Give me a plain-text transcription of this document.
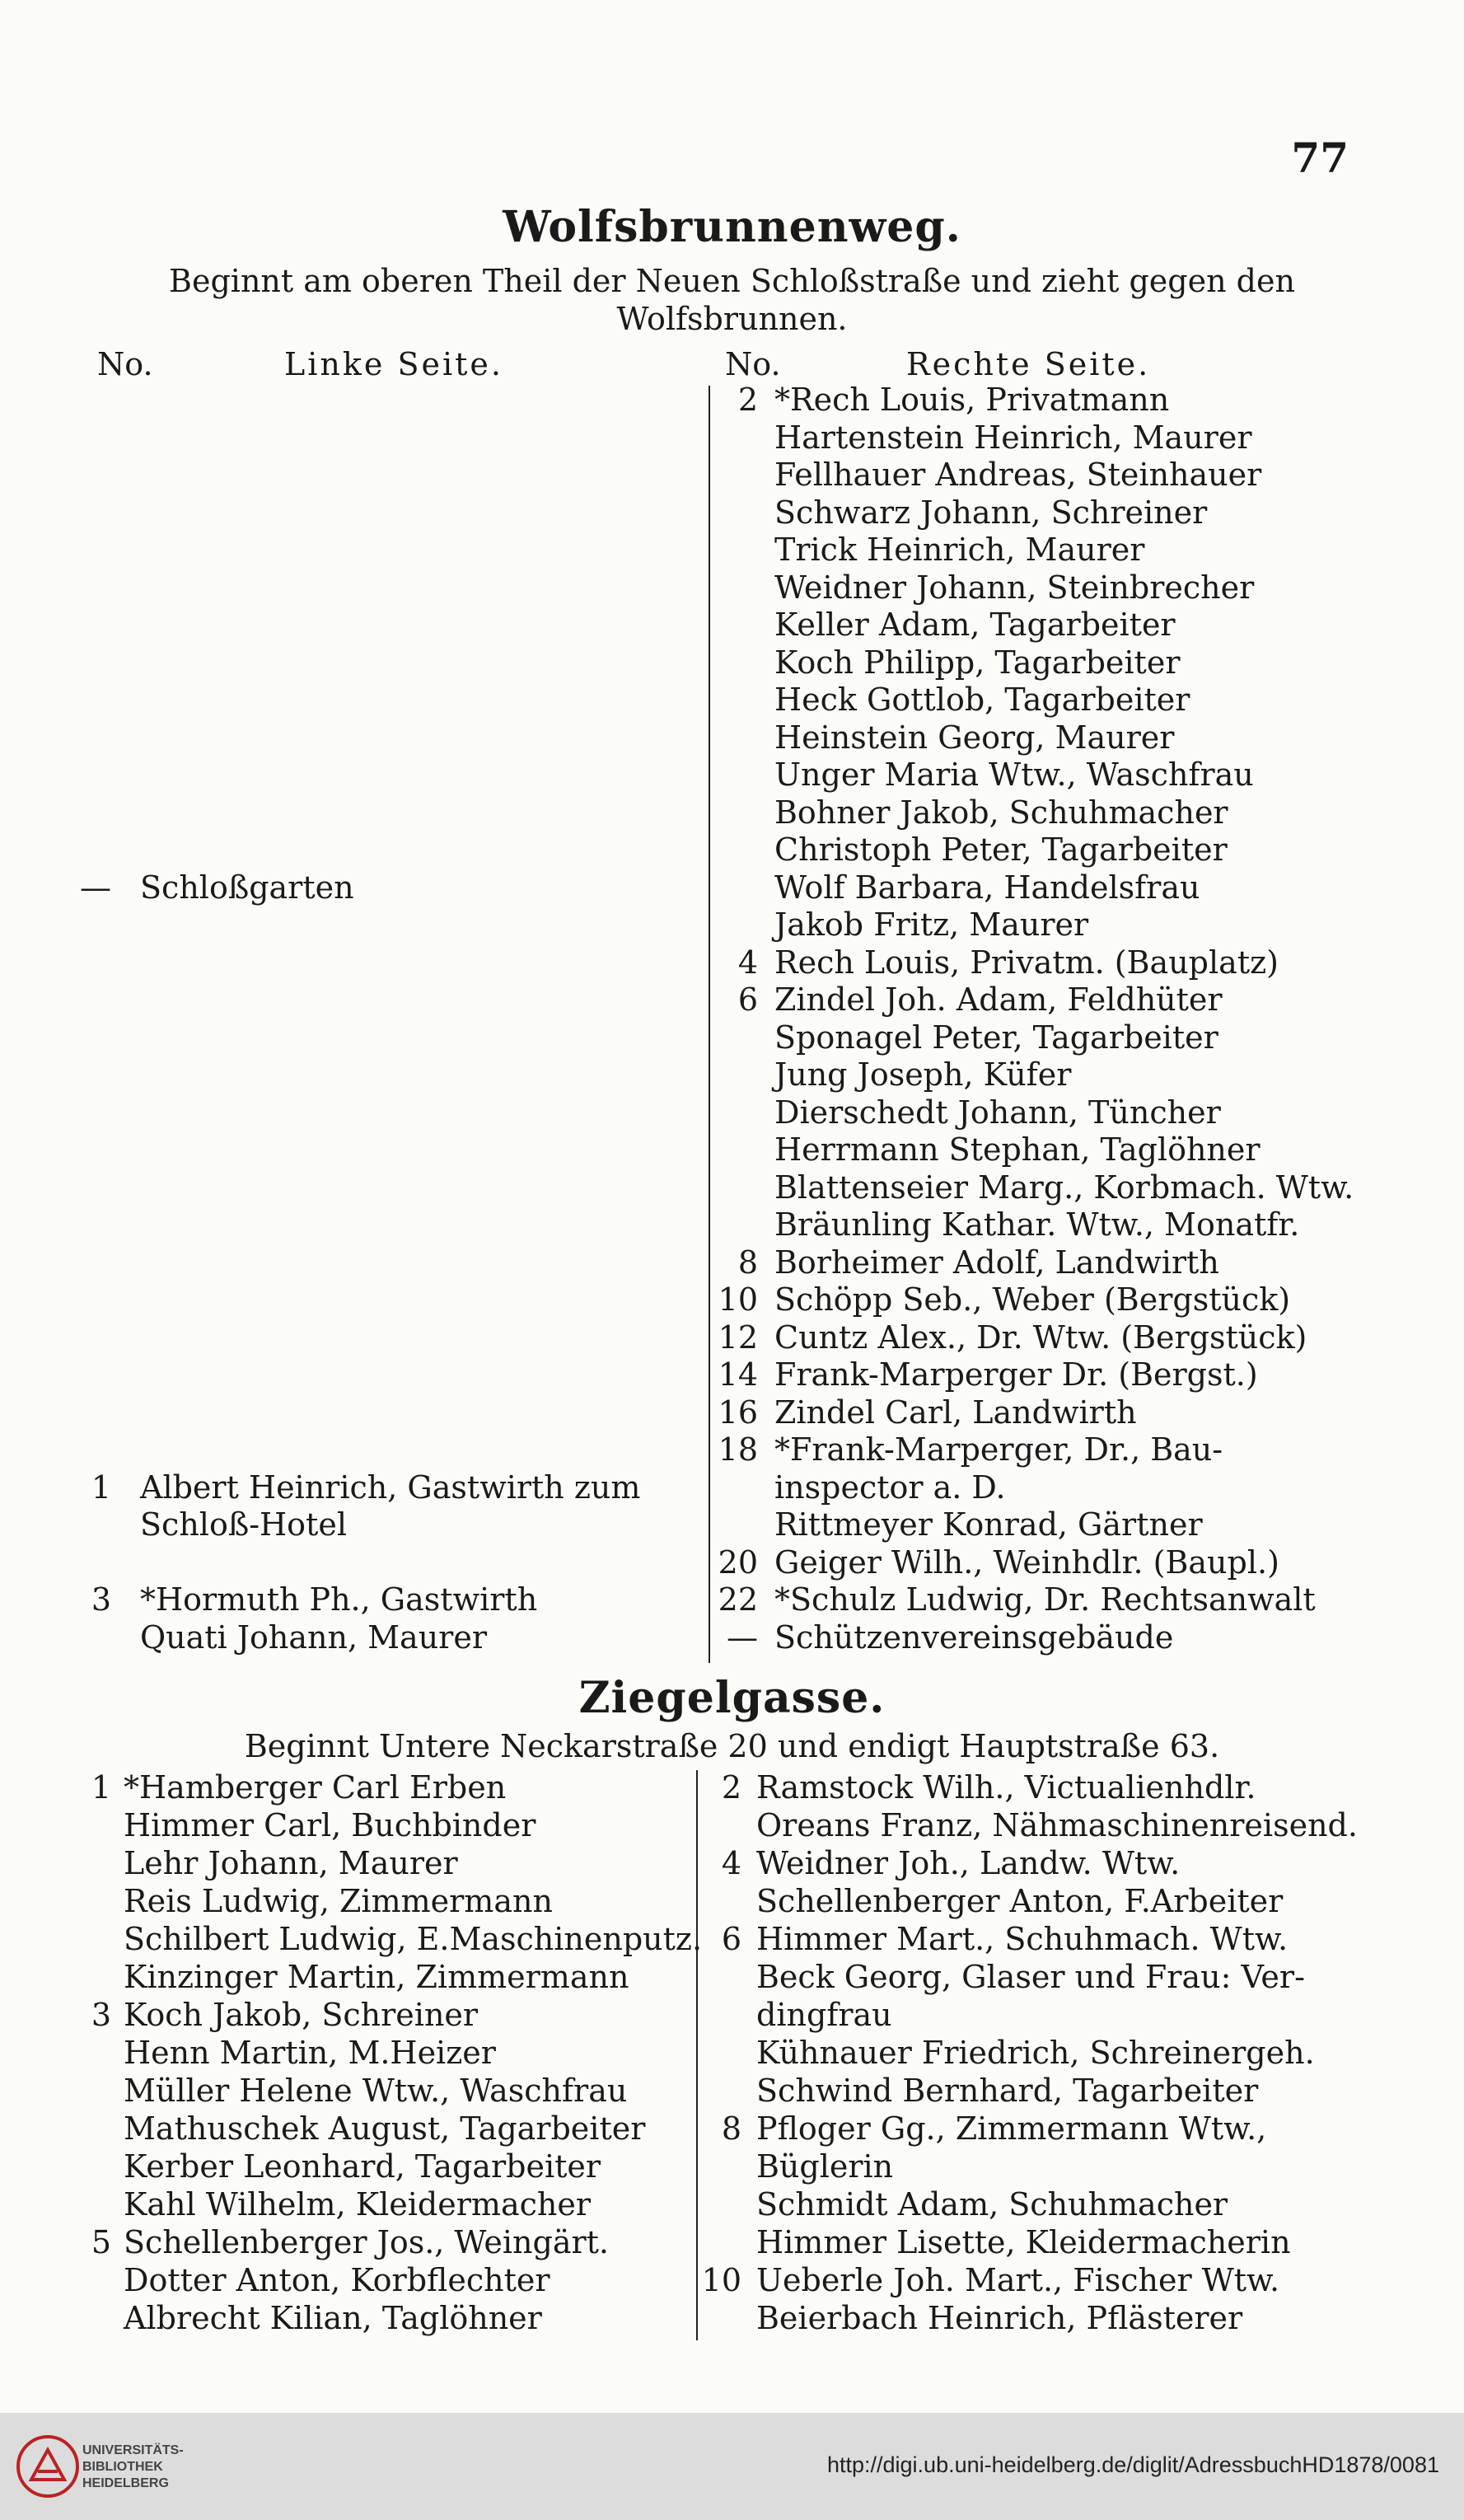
77
Wolfsbrunnenweg.
Beginnt am oberen Theil der Neuen Schloßstraße und zieht gegen den
Wolfsbrunnen.
No.	Linke Seite.	No.	Rechte Seite.
— Schloßgarten
1 Albert Heinrich, Gastwirth zum
Schloß-Hotel
3 *Hormuth Ph., Gastwirth
Quati Johann, Maurer
2 *Rech Louis, Privatmann
Hartenstein Heinrich, Maurer
Fellhauer Andreas, Steinhauer
Schwarz Johann, Schreiner
Trick Heinrich, Maurer
Weidner Johann, Steinbrecher
Keller Adam, Tagarbeiter
Koch Philipp, Tagarbeiter
Heck Gottlob, Tagarbeiter
Heinstein Georg, Maurer
Unger Maria Wtw., Waschfrau
Bohner Jakob, Schuhmacher
Christoph Peter, Tagarbeiter
Wolf Barbara, Handelsfrau
Jakob Fritz, Maurer
4 Rech Louis, Privatm. (Bauplatz)
6 Zindel Joh. Adam, Feldhüter
Sponagel Peter, Tagarbeiter
Jung Joseph, Küfer
Dierschedt Johann, Tüncher
Herrmann Stephan, Taglöhner
Blattenseier Marg., Korbmach. Wtw.
Bräunling Kathar. Wtw., Monatfr.
8 Borheimer Adolf, Landwirth
10 Schöpp Seb., Weber (Bergstück)
12 Cuntz Alex., Dr. Wtw. (Bergstück)
14 Frank-Marperger Dr. (Bergst.)
16 Zindel Carl, Landwirth
18 *Frank-Marperger, Dr., Bau-
inspector a. D.
Rittmeyer Konrad, Gärtner
20 Geiger Wilh., Weinhdlr. (Baupl.)
22 *Schulz Ludwig, Dr. Rechtsanwalt
— Schützenvereinsgebäude
Ziegelgasse.
Beginnt Untere Neckarstraße 20 und endigt Hauptstraße 63.
1 *Hamberger Carl Erben
Himmer Carl, Buchbinder
Lehr Johann, Maurer
Reis Ludwig, Zimmermann
Schilbert Ludwig, E.Maschinenputz.
Kinzinger Martin, Zimmermann
3 Koch Jakob, Schreiner
Henn Martin, M.Heizer
Müller Helene Wtw., Waschfrau
Mathuschek August, Tagarbeiter
Kerber Leonhard, Tagarbeiter
Kahl Wilhelm, Kleidermacher
5 Schellenberger Jos., Weingärt.
Dotter Anton, Korbflechter
Albrecht Kilian, Taglöhner
2 Ramstock Wilh., Victualienhdlr.
Oreans Franz, Nähmaschinenreisend.
4 Weidner Joh., Landw. Wtw.
Schellenberger Anton, F.Arbeiter
6 Himmer Mart., Schuhmach. Wtw.
Beck Georg, Glaser und Frau: Ver-
dingfrau
Kühnauer Friedrich, Schreinergeh.
Schwind Bernhard, Tagarbeiter
8 Pfloger Gg., Zimmermann Wtw.,
Büglerin
Schmidt Adam, Schuhmacher
Himmer Lisette, Kleidermacherin
10 Ueberle Joh. Mart., Fischer Wtw.
Beierbach Heinrich, Pflästerer
UNIVERSITÄTS-
BIBLIOTHEK
HEIDELBERG
http://digi.ub.uni-heidelberg.de/diglit/AdressbuchHD1878/0081
